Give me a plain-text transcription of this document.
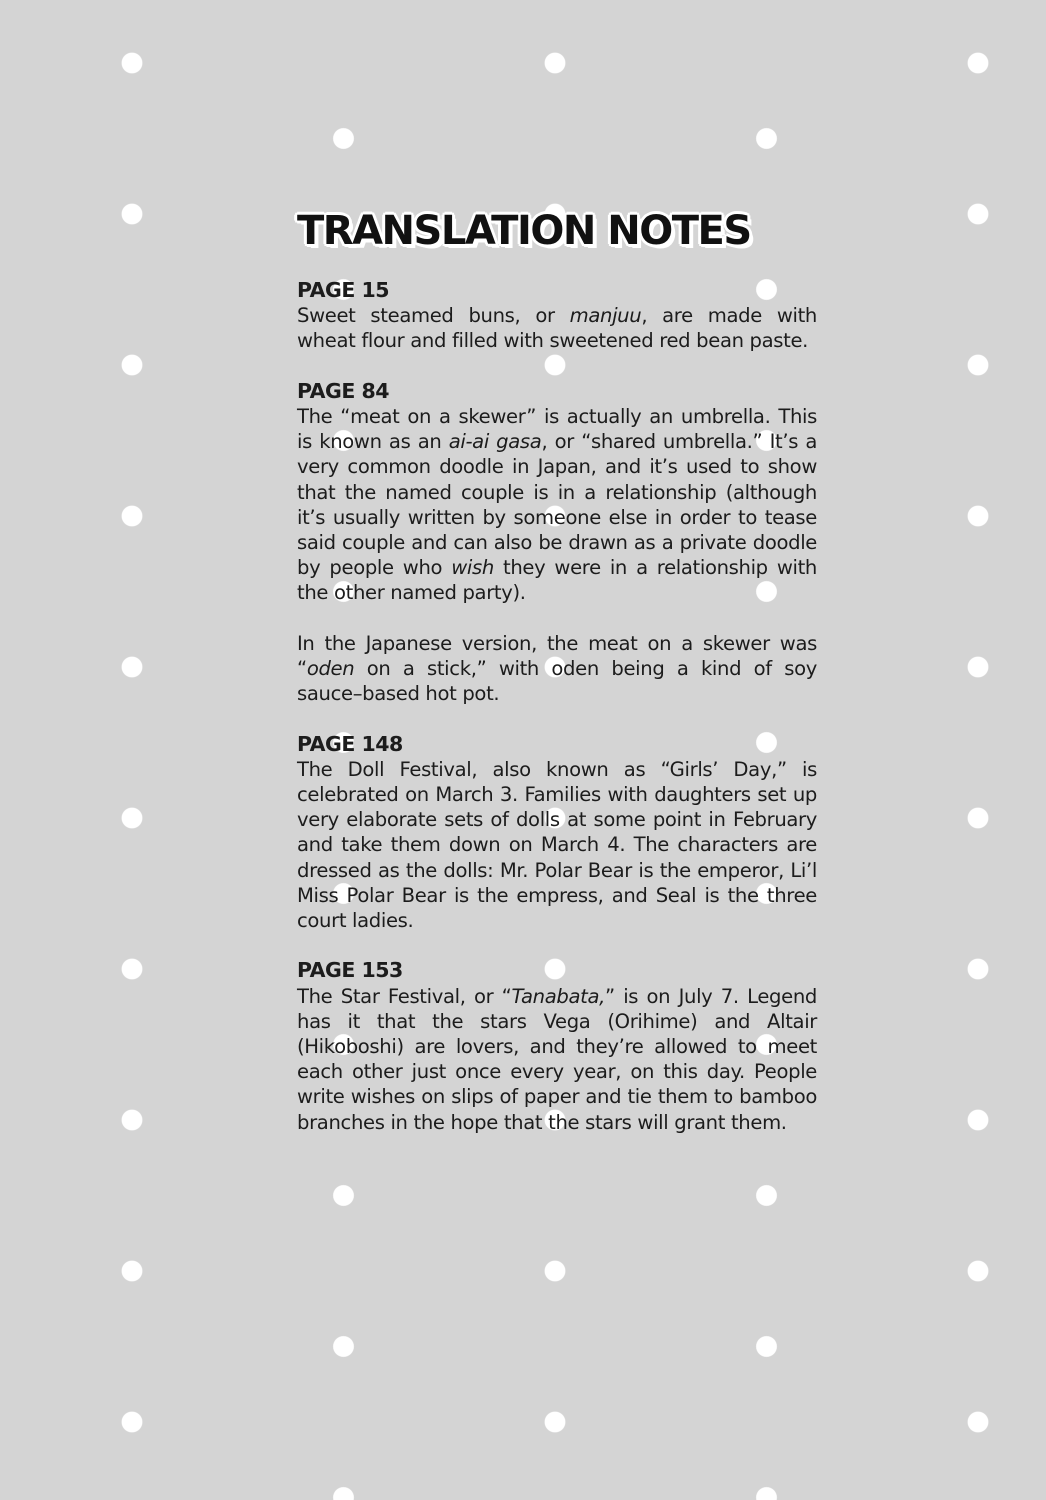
TRANSLATION NOTES
PAGE 15

Sweet steamed buns, or manjuu, are made with wheat flour and filled with sweetened red bean paste.

PAGE 84

The “meat on a skewer” is actually an umbrella. This is known as an ai-ai gasa, or “shared umbrella.” It’s a very common doodle in Japan, and it’s used to show that the named couple is in a relationship (although it’s usually written by someone else in order to tease said couple and can also be drawn as a private doodle by people who wish they were in a relationship with the other named party).

In the Japanese version, the meat on a skewer was “oden on a stick,” with oden being a kind of soy sauce–based hot pot.

PAGE 148

The Doll Festival, also known as “Girls’ Day,” is celebrated on March 3. Families with daughters set up very elaborate sets of dolls at some point in February and take them down on March 4. The characters are dressed as the dolls: Mr. Polar Bear is the emperor, Li’l Miss Polar Bear is the empress, and Seal is the three court ladies.

PAGE 153

The Star Festival, or “Tanabata,” is on July 7. Legend has it that the stars Vega (Orihime) and Altair (Hikoboshi) are lovers, and they’re allowed to meet each other just once every year, on this day. People write wishes on slips of paper and tie them to bamboo branches in the hope that the stars will grant them.
